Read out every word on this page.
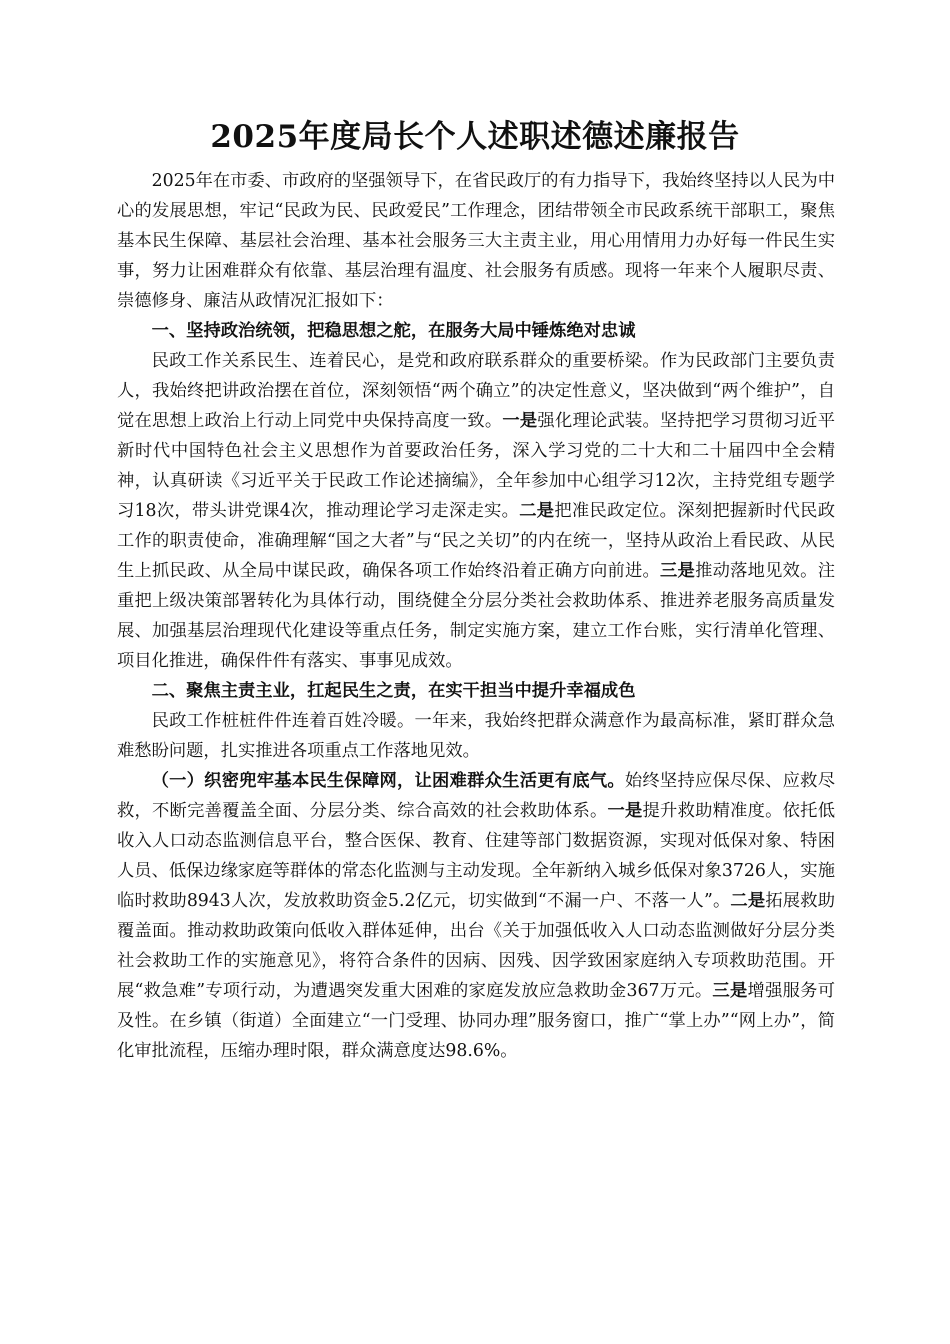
2025年度局长个人述职述德述廉报告

2025年在市委、市政府的坚强领导下，在省民政厅的有力指导下，我始终坚持以人民为中心的发展思想，牢记“民政为民、民政爱民”工作理念，团结带领全市民政系统干部职工，聚焦基本民生保障、基层社会治理、基本社会服务三大主责主业，用心用情用力办好每一件民生实事，努力让困难群众有依靠、基层治理有温度、社会服务有质感。现将一年来个人履职尽责、崇德修身、廉洁从政情况汇报如下：

一、坚持政治统领，把稳思想之舵，在服务大局中锤炼绝对忠诚

民政工作关系民生、连着民心，是党和政府联系群众的重要桥梁。作为民政部门主要负责人，我始终把讲政治摆在首位，深刻领悟“两个确立”的决定性意义，坚决做到“两个维护”，自觉在思想上政治上行动上同党中央保持高度一致。一是强化理论武装。坚持把学习贯彻习近平新时代中国特色社会主义思想作为首要政治任务，深入学习党的二十大和二十届四中全会精神，认真研读《习近平关于民政工作论述摘编》，全年参加中心组学习12次，主持党组专题学习18次，带头讲党课4次，推动理论学习走深走实。二是把准民政定位。深刻把握新时代民政工作的职责使命，准确理解“国之大者”与“民之关切”的内在统一，坚持从政治上看民政、从民生上抓民政、从全局中谋民政，确保各项工作始终沿着正确方向前进。三是推动落地见效。注重把上级决策部署转化为具体行动，围绕健全分层分类社会救助体系、推进养老服务高质量发展、加强基层治理现代化建设等重点任务，制定实施方案，建立工作台账，实行清单化管理、项目化推进，确保件件有落实、事事见成效。

二、聚焦主责主业，扛起民生之责，在实干担当中提升幸福成色

民政工作桩桩件件连着百姓冷暖。一年来，我始终把群众满意作为最高标准，紧盯群众急难愁盼问题，扎实推进各项重点工作落地见效。

（一）织密兜牢基本民生保障网，让困难群众生活更有底气。始终坚持应保尽保、应救尽救，不断完善覆盖全面、分层分类、综合高效的社会救助体系。一是提升救助精准度。依托低收入人口动态监测信息平台，整合医保、教育、住建等部门数据资源，实现对低保对象、特困人员、低保边缘家庭等群体的常态化监测与主动发现。全年新纳入城乡低保对象3726人，实施临时救助8943人次，发放救助资金5.2亿元，切实做到“不漏一户、不落一人”。二是拓展救助覆盖面。推动救助政策向低收入群体延伸，出台《关于加强低收入人口动态监测做好分层分类社会救助工作的实施意见》，将符合条件的因病、因残、因学致困家庭纳入专项救助范围。开展“救急难”专项行动，为遭遇突发重大困难的家庭发放应急救助金367万元。三是增强服务可及性。在乡镇（街道）全面建立“一门受理、协同办理”服务窗口，推广“掌上办”“网上办”，简化审批流程，压缩办理时限，群众满意度达98.6%。
